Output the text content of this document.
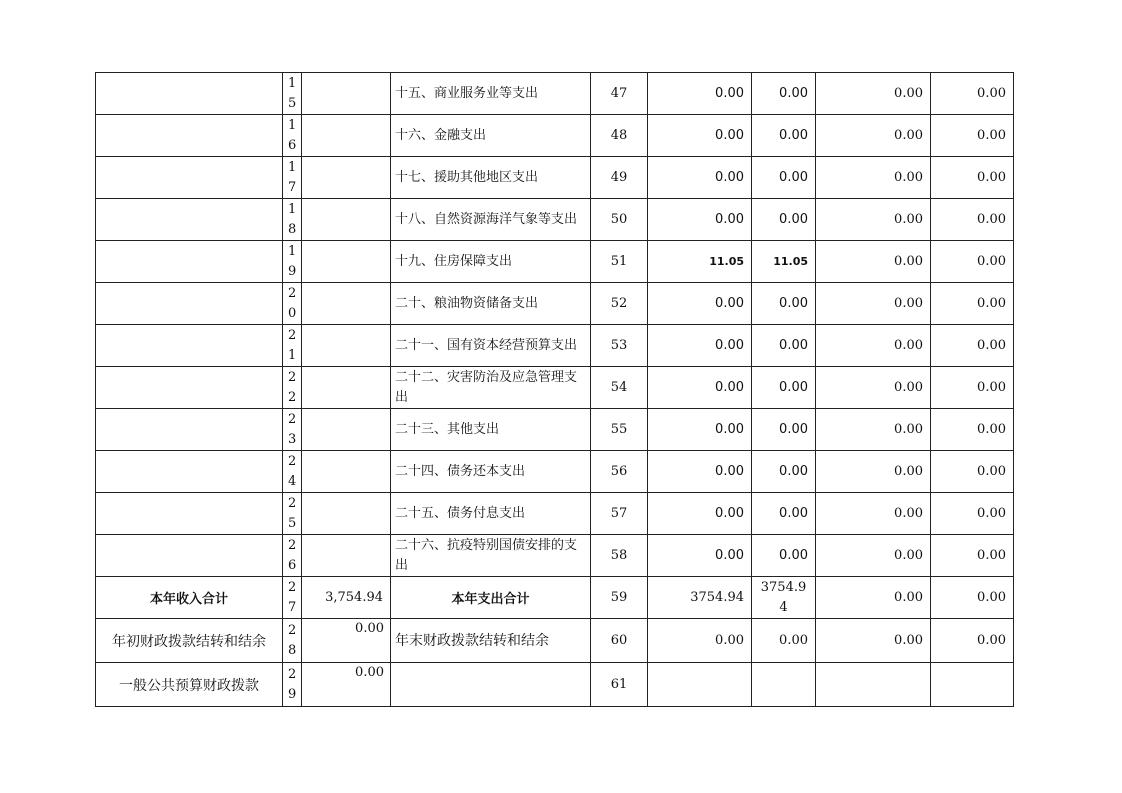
	15		十五、商业服务业等支出	47	0.00	0.00	0.00	0.00

	16		十六、金融支出	48	0.00	0.00	0.00	0.00

	17		十七、援助其他地区支出	49	0.00	0.00	0.00	0.00

	18		十八、自然资源海洋气象等支出	50	0.00	0.00	0.00	0.00

	19		十九、住房保障支出	51	11.05	11.05	0.00	0.00

	20		二十、粮油物资储备支出	52	0.00	0.00	0.00	0.00

	21		二十一、国有资本经营预算支出	53	0.00	0.00	0.00	0.00

	22		二十二、灾害防治及应急管理支出	54	0.00	0.00	0.00	0.00

	23		二十三、其他支出	55	0.00	0.00	0.00	0.00

	24		二十四、债务还本支出	56	0.00	0.00	0.00	0.00

	25		二十五、债务付息支出	57	0.00	0.00	0.00	0.00

	26		二十六、抗疫特别国债安排的支出	58	0.00	0.00	0.00	0.00
本年收入合计	27	3,754.94	本年支出合计	59	3754.94	3754.94	0.00	0.00
年初财政拨款结转和结余	28	0.00	年末财政拨款结转和结余	60	0.00	0.00	0.00	0.00
一般公共预算财政拨款	29	0.00		61				
